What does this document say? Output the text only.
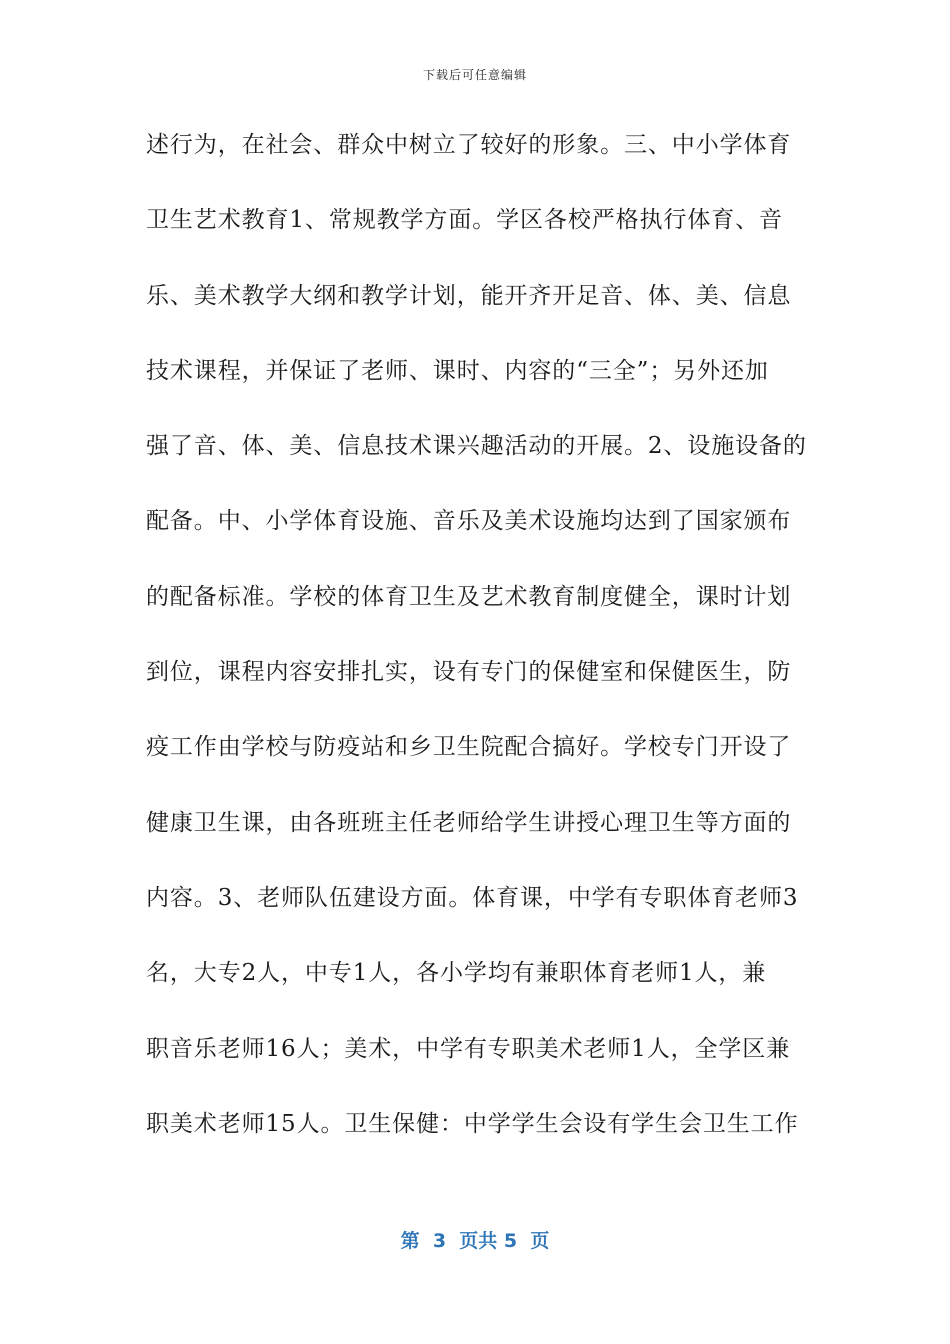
下载后可任意编辑
述行为，在社会、群众中树立了较好的形象。三、中小学体育
卫生艺术教育1、常规教学方面。学区各校严格执行体育、音
乐、美术教学大纲和教学计划，能开齐开足音、体、美、信息
技术课程，并保证了老师、课时、内容的“三全”；另外还加
强了音、体、美、信息技术课兴趣活动的开展。2、设施设备的
配备。中、小学体育设施、音乐及美术设施均达到了国家颁布
的配备标准。学校的体育卫生及艺术教育制度健全，课时计划
到位，课程内容安排扎实，设有专门的保健室和保健医生，防
疫工作由学校与防疫站和乡卫生院配合搞好。学校专门开设了
健康卫生课，由各班班主任老师给学生讲授心理卫生等方面的
内容。3、老师队伍建设方面。体育课，中学有专职体育老师3
名，大专2人，中专1人，各小学均有兼职体育老师1人，兼
职音乐老师16人；美术，中学有专职美术老师1人，全学区兼
职美术老师15人。卫生保健：中学学生会设有学生会卫生工作
第  3  页共 5  页
